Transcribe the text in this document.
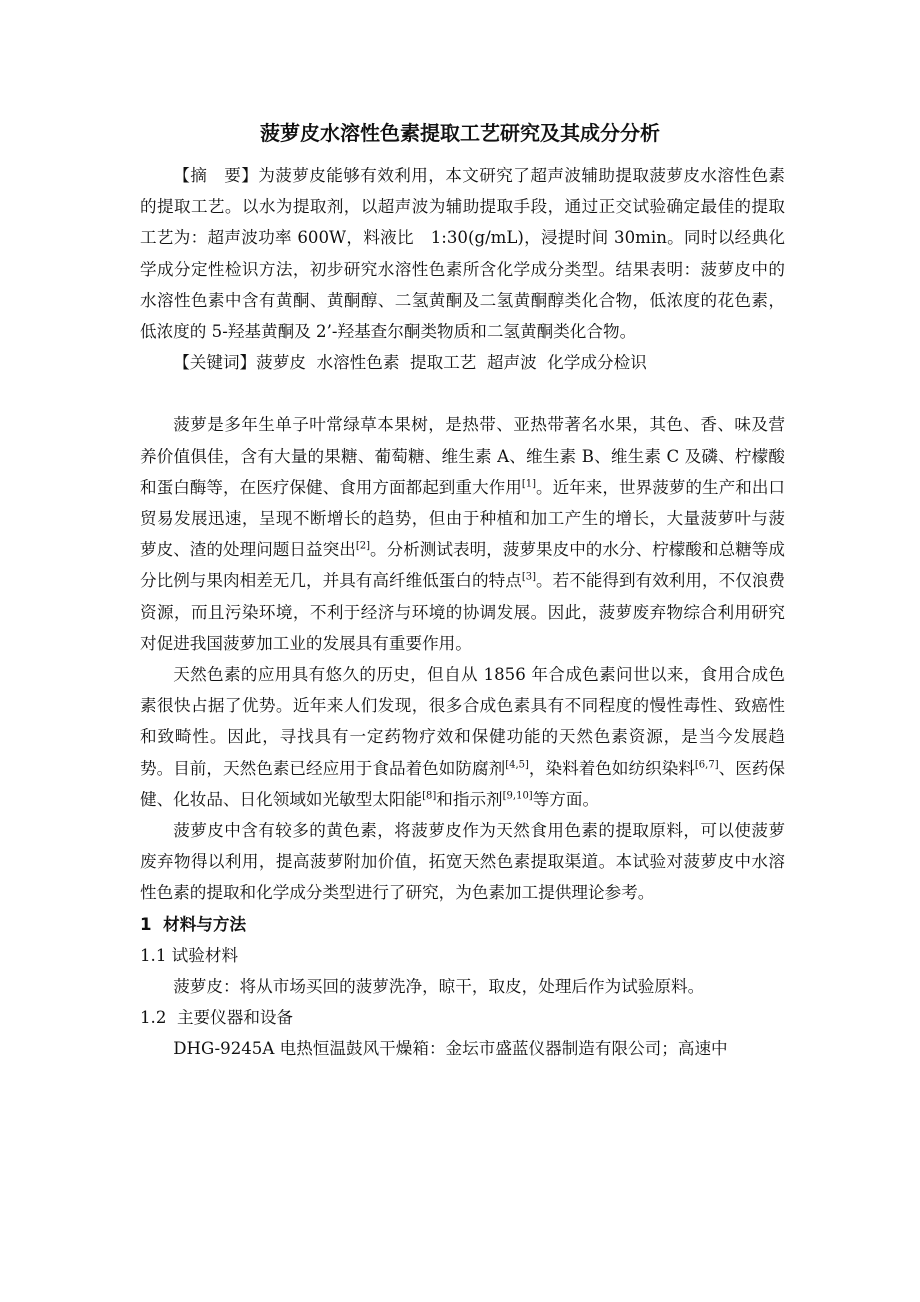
菠萝皮水溶性色素提取工艺研究及其成分分析

【摘　要】为菠萝皮能够有效利用，本文研究了超声波辅助提取菠萝皮水溶性色素的提取工艺。以水为提取剂，以超声波为辅助提取手段，通过正交试验确定最佳的提取工艺为：超声波功率 600W，料液比　1:30(g/mL)，浸提时间 30min。同时以经典化学成分定性检识方法，初步研究水溶性色素所含化学成分类型。结果表明：菠萝皮中的水溶性色素中含有黄酮、黄酮醇、二氢黄酮及二氢黄酮醇类化合物，低浓度的花色素，低浓度的 5-羟基黄酮及 2’-羟基查尔酮类物质和二氢黄酮类化合物。

【关键词】菠萝皮  水溶性色素  提取工艺  超声波  化学成分检识

菠萝是多年生单子叶常绿草本果树，是热带、亚热带著名水果，其色、香、味及营养价值俱佳，含有大量的果糖、葡萄糖、维生素 A、维生素 B、维生素 C 及磷、柠檬酸和蛋白酶等，在医疗保健、食用方面都起到重大作用[1]。近年来，世界菠萝的生产和出口贸易发展迅速，呈现不断增长的趋势，但由于种植和加工产生的增长，大量菠萝叶与菠萝皮、渣的处理问题日益突出[2]。分析测试表明，菠萝果皮中的水分、柠檬酸和总糖等成分比例与果肉相差无几，并具有高纤维低蛋白的特点[3]。若不能得到有效利用，不仅浪费资源，而且污染环境，不利于经济与环境的协调发展。因此，菠萝废弃物综合利用研究对促进我国菠萝加工业的发展具有重要作用。

天然色素的应用具有悠久的历史，但自从 1856 年合成色素问世以来，食用合成色素很快占据了优势。近年来人们发现，很多合成色素具有不同程度的慢性毒性、致癌性和致畸性。因此，寻找具有一定药物疗效和保健功能的天然色素资源，是当今发展趋势。目前，天然色素已经应用于食品着色如防腐剂[4,5]，染料着色如纺织染料[6,7]、医药保健、化妆品、日化领域如光敏型太阳能[8]和指示剂[9,10]等方面。

菠萝皮中含有较多的黄色素，将菠萝皮作为天然食用色素的提取原料，可以使菠萝废弃物得以利用，提高菠萝附加价值，拓宽天然色素提取渠道。本试验对菠萝皮中水溶性色素的提取和化学成分类型进行了研究，为色素加工提供理论参考。

1  材料与方法
1.1 试验材料

菠萝皮：将从市场买回的菠萝洗净，晾干，取皮，处理后作为试验原料。

1.2  主要仪器和设备

DHG-9245A 电热恒温鼓风干燥箱：金坛市盛蓝仪器制造有限公司；高速中
